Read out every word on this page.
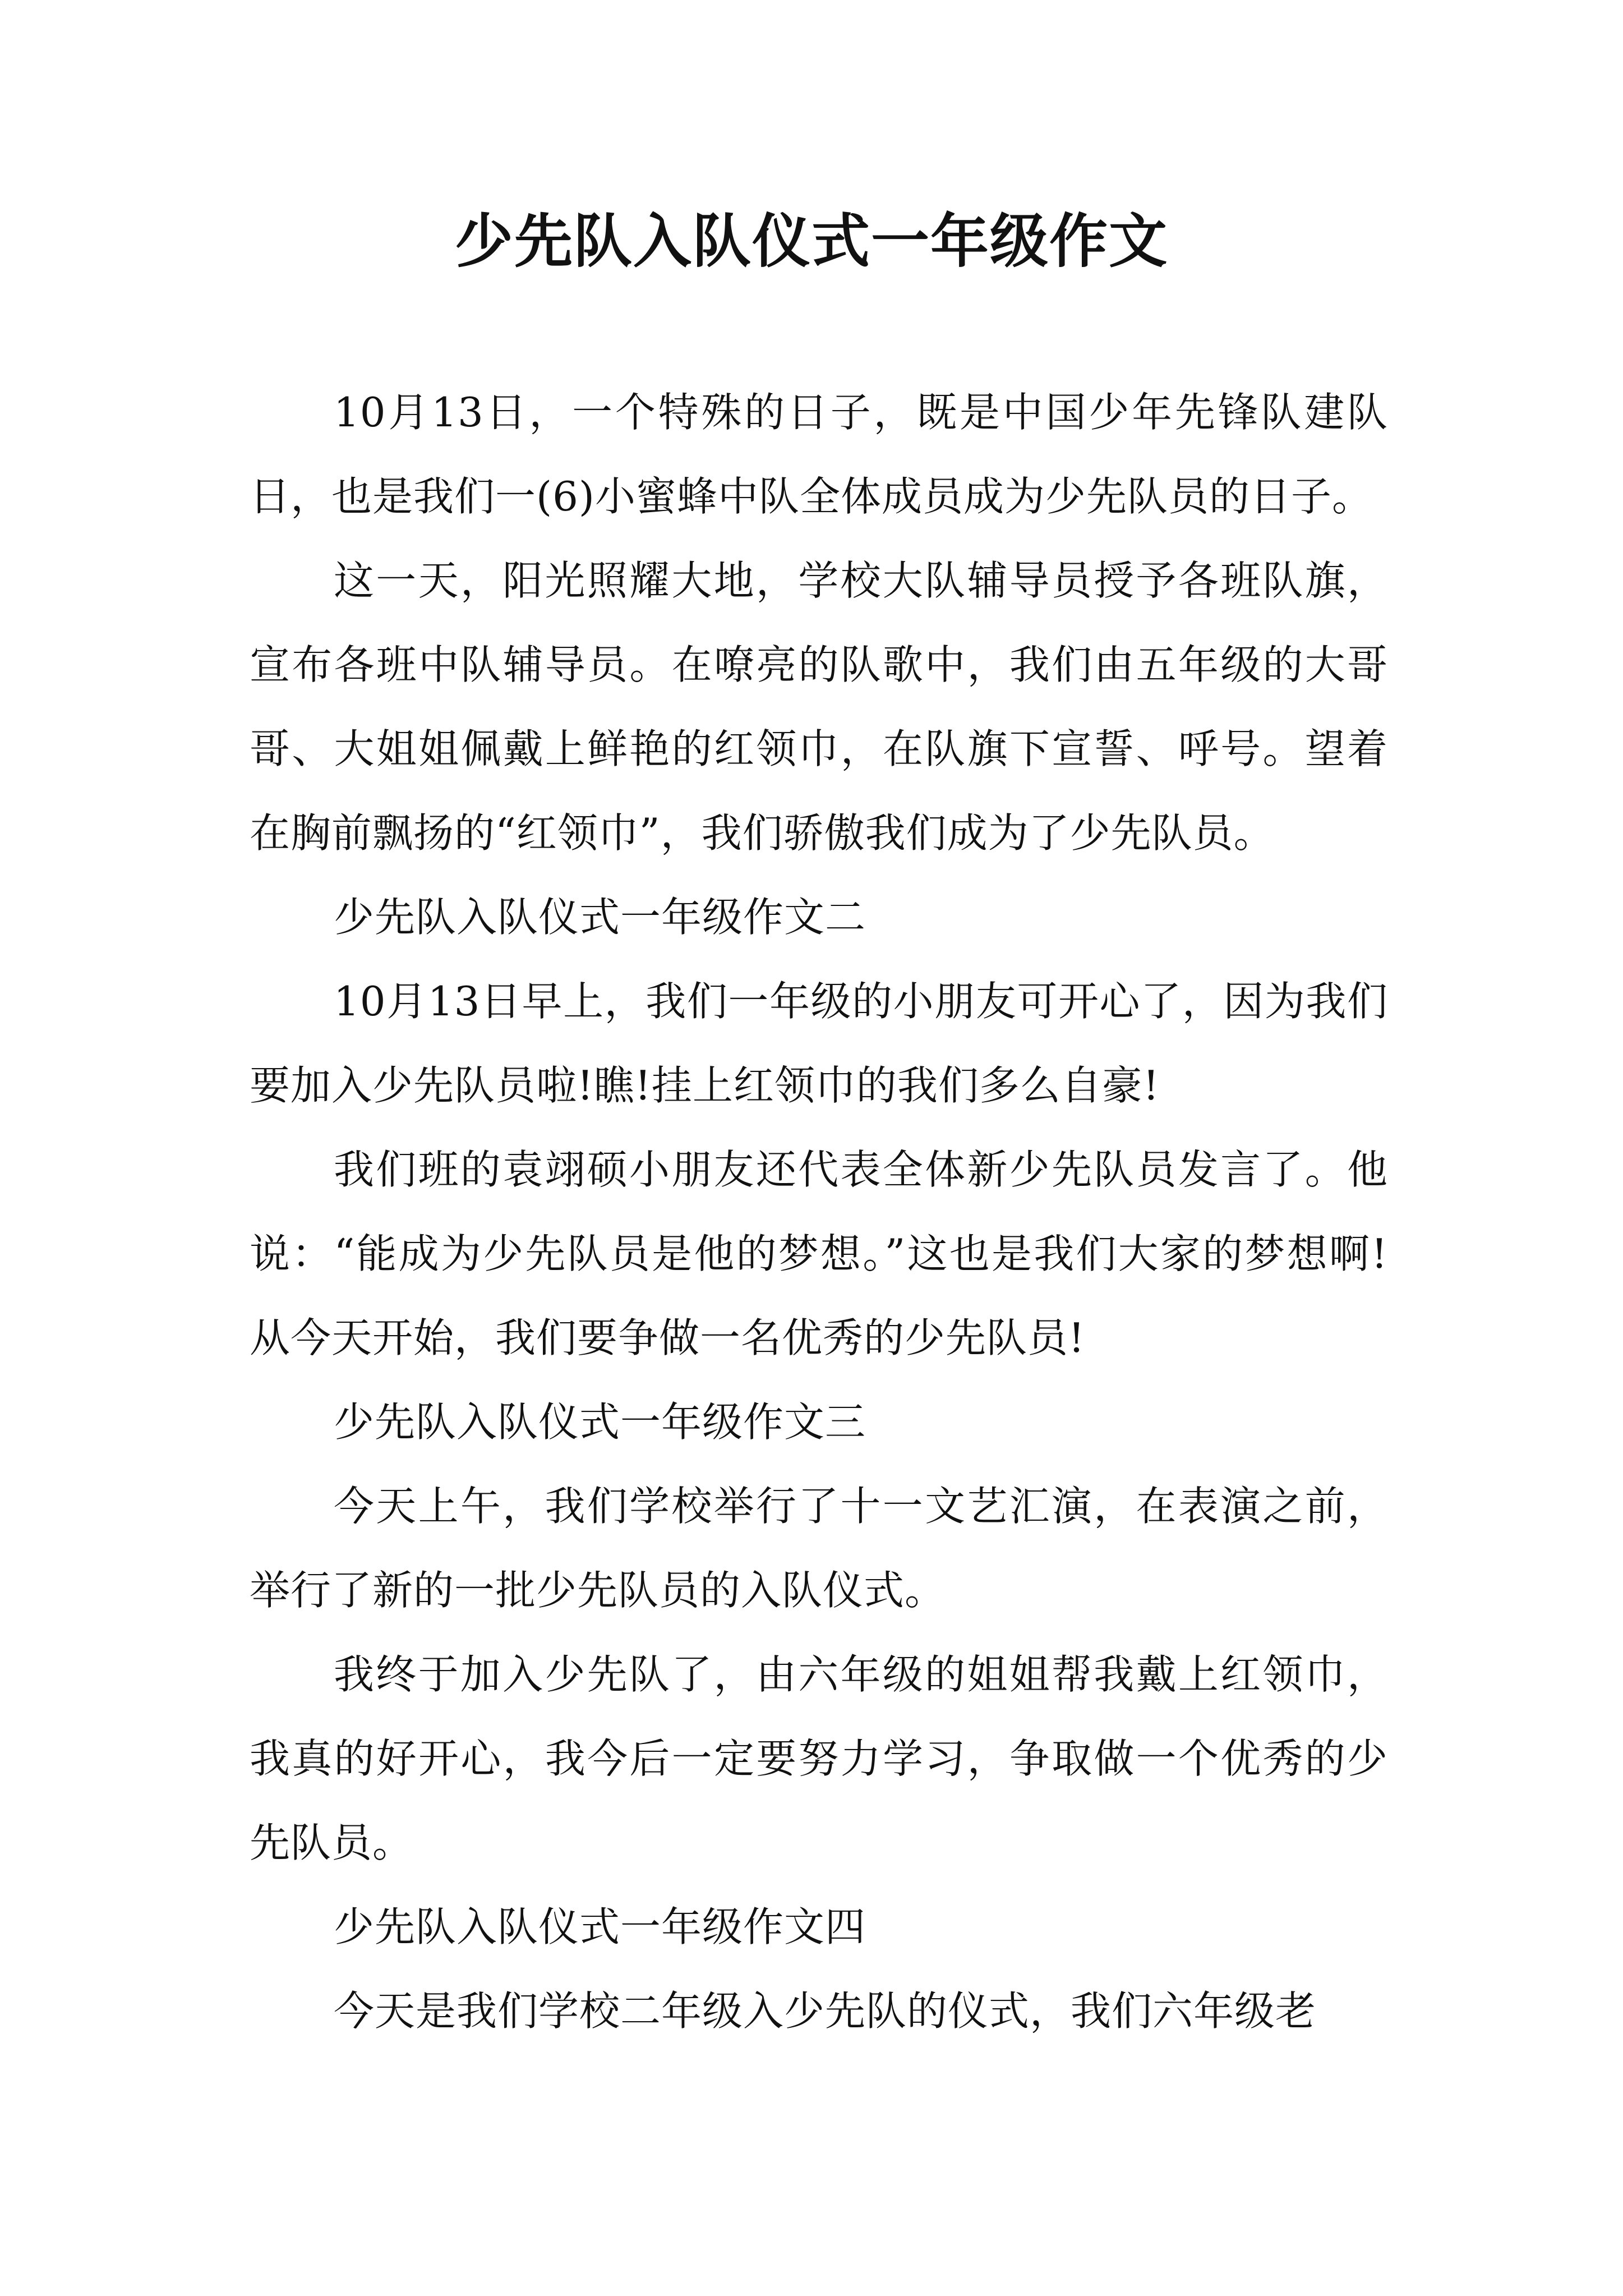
少先队入队仪式一年级作文

10月13日，一个特殊的日子，既是中国少年先锋队建队日，也是我们一(6)小蜜蜂中队全体成员成为少先队员的日子。

这一天，阳光照耀大地，学校大队辅导员授予各班队旗，宣布各班中队辅导员。在嘹亮的队歌中，我们由五年级的大哥哥、大姐姐佩戴上鲜艳的红领巾，在队旗下宣誓、呼号。望着在胸前飘扬的“红领巾”，我们骄傲我们成为了少先队员。

少先队入队仪式一年级作文二

10月13日早上，我们一年级的小朋友可开心了，因为我们要加入少先队员啦!瞧!挂上红领巾的我们多么自豪!

我们班的袁翊硕小朋友还代表全体新少先队员发言了。他说：“能成为少先队员是他的梦想。”这也是我们大家的梦想啊!从今天开始，我们要争做一名优秀的少先队员!

少先队入队仪式一年级作文三

今天上午，我们学校举行了十一文艺汇演，在表演之前，举行了新的一批少先队员的入队仪式。

我终于加入少先队了，由六年级的姐姐帮我戴上红领巾，我真的好开心，我今后一定要努力学习，争取做一个优秀的少先队员。

少先队入队仪式一年级作文四

今天是我们学校二年级入少先队的仪式，我们六年级老
